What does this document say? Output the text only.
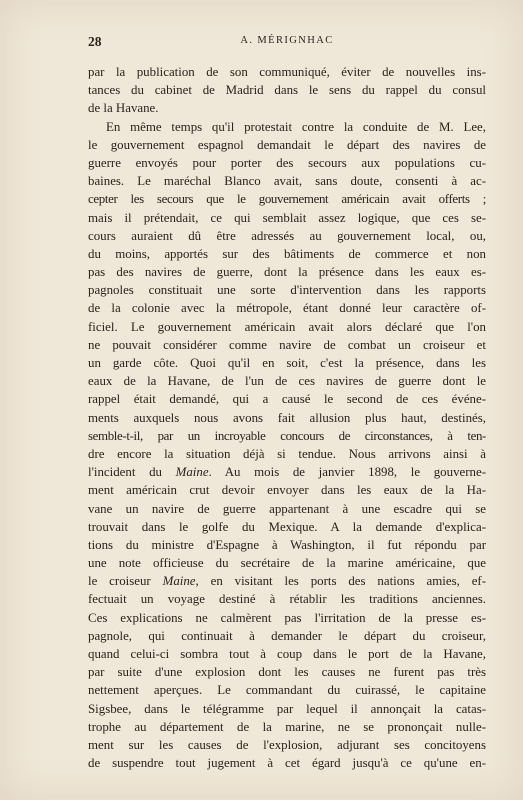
28	A. MÉRIGNHAC
par la publication de son communiqué, éviter de nouvelles ins-
tances du cabinet de Madrid dans le sens du rappel du consul
de la Havane.
En même temps qu'il protestait contre la conduite de M. Lee,
le gouvernement espagnol demandait le départ des navires de
guerre envoyés pour porter des secours aux populations cu-
baines. Le maréchal Blanco avait, sans doute, consenti à ac-
cepter les secours que le gouvernement américain avait offerts ;
mais il prétendait, ce qui semblait assez logique, que ces se-
cours auraient dû être adressés au gouvernement local, ou,
du moins, apportés sur des bâtiments de commerce et non
pas des navires de guerre, dont la présence dans les eaux es-
pagnoles constituait une sorte d'intervention dans les rapports
de la colonie avec la métropole, étant donné leur caractère of-
ficiel. Le gouvernement américain avait alors déclaré que l'on
ne pouvait considérer comme navire de combat un croiseur et
un garde côte. Quoi qu'il en soit, c'est la présence, dans les
eaux de la Havane, de l'un de ces navires de guerre dont le
rappel était demandé, qui a causé le second de ces événe-
ments auxquels nous avons fait allusion plus haut, destinés,
semble-t-il, par un incroyable concours de circonstances, à ten-
dre encore la situation déjà si tendue. Nous arrivons ainsi à
l'incident du Maine. Au mois de janvier 1898, le gouverne-
ment américain crut devoir envoyer dans les eaux de la Ha-
vane un navire de guerre appartenant à une escadre qui se
trouvait dans le golfe du Mexique. A la demande d'explica-
tions du ministre d'Espagne à Washington, il fut répondu par
une note officieuse du secrétaire de la marine américaine, que
le croiseur Maine, en visitant les ports des nations amies, ef-
fectuait un voyage destiné à rétablir les traditions anciennes.
Ces explications ne calmèrent pas l'irritation de la presse es-
pagnole, qui continuait à demander le départ du croiseur,
quand celui-ci sombra tout à coup dans le port de la Havane,
par suite d'une explosion dont les causes ne furent pas très
nettement aperçues. Le commandant du cuirassé, le capitaine
Sigsbee, dans le télégramme par lequel il annonçait la catas-
trophe au département de la marine, ne se prononçait nulle-
ment sur les causes de l'explosion, adjurant ses concitoyens
de suspendre tout jugement à cet égard jusqu'à ce qu'une en-
